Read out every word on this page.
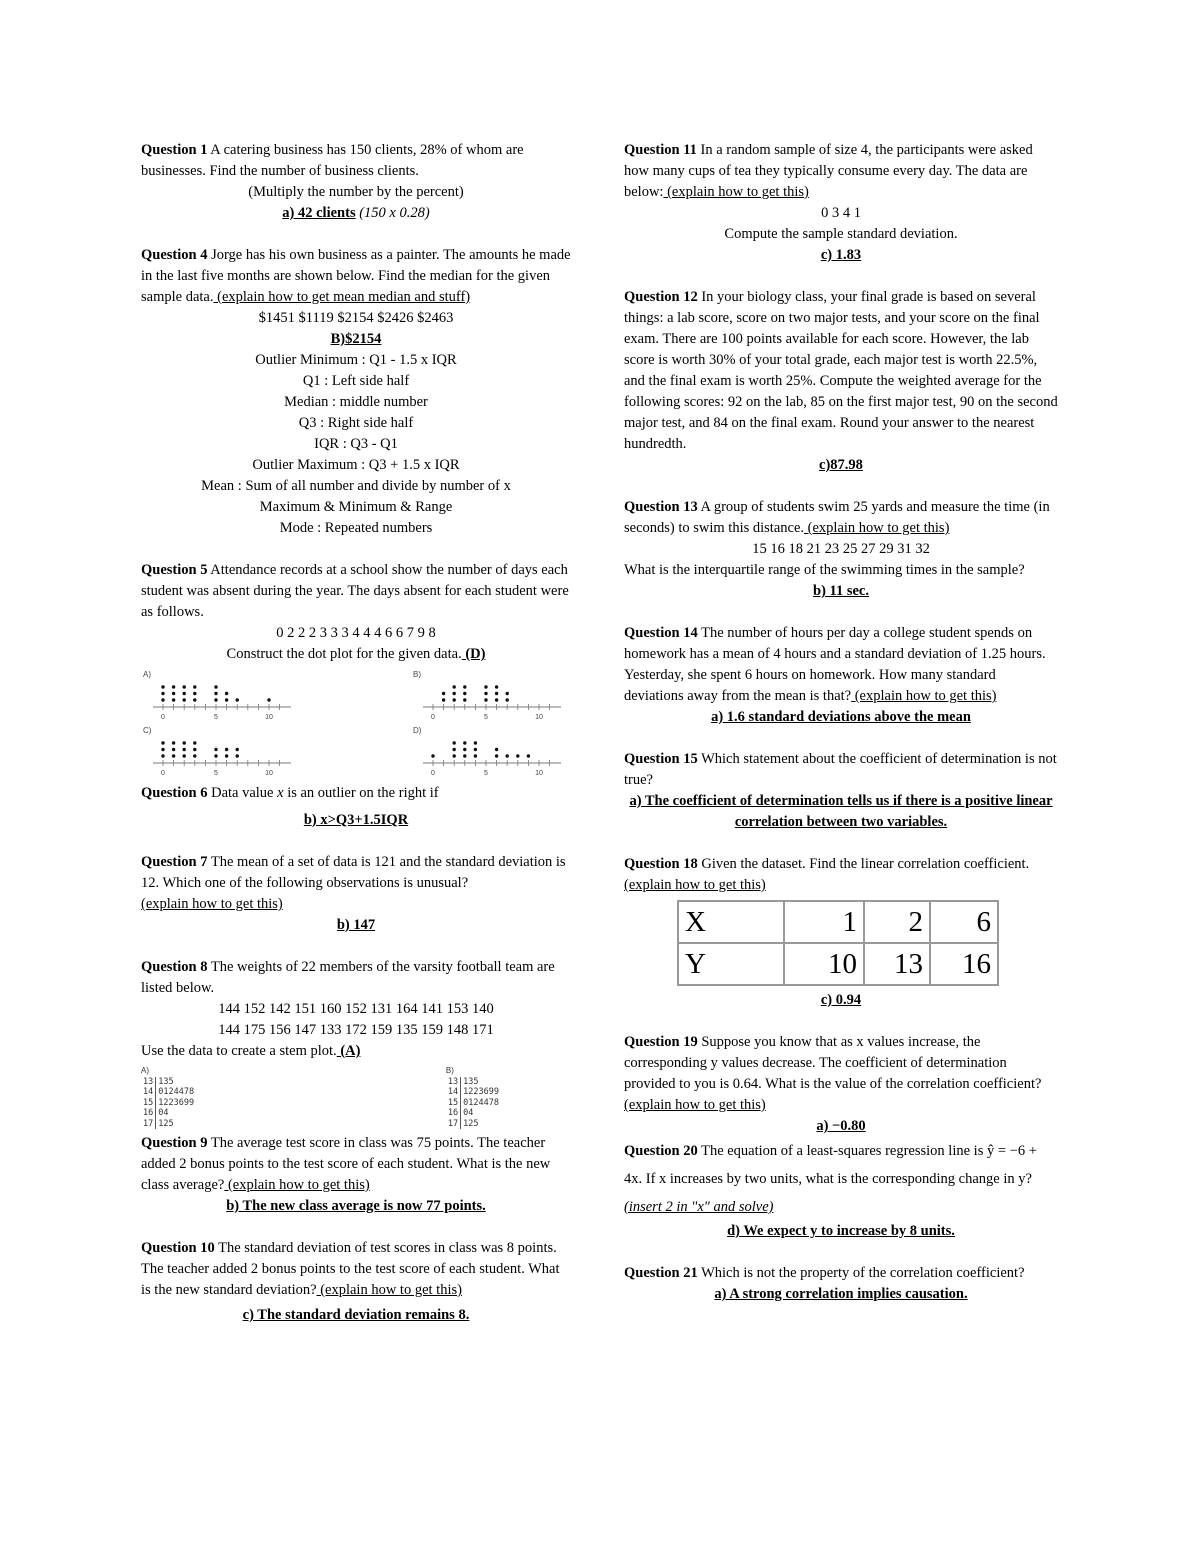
Question 1 A catering business has 150 clients, 28% of whom are businesses. Find the number of business clients.

(Multiply the number by the percent)

a) 42 clients (150 x 0.28)

Question 4 Jorge has his own business as a painter. The amounts he made in the last five months are shown below. Find the median for the given sample data. (explain how to get mean median and stuff)

$1451 $1119 $2154 $2426 $2463

B)$2154

Outlier Minimum : Q1 - 1.5 x IQR

Q1 : Left side half

Median : middle number

Q3 : Right side half

IQR : Q3 - Q1

Outlier Maximum : Q3 + 1.5 x IQR

Mean : Sum of all number and divide by number of x

Maximum & Minimum & Range

Mode : Repeated numbers

Question 5 Attendance records at a school show the number of days each student was absent during the year. The days absent for each student were as follows.

0 2 2 2 3 3 3 4 4 4 6 6 7 9 8

Construct the dot plot for the given data. (D)

A)
0	5	10
B)
0	5	10
C)
0	5	10
D)
0	5	10

Question 6 Data value x is an outlier on the right if

b) x>Q3+1.5IQR

Question 7 The mean of a set of data is 121 and the standard deviation is 12. Which one of the following observations is unusual?

(explain how to get this)

b) 147

Question 8 The weights of 22 members of the varsity football team are listed below.

144 152 142 151 160 152 131 164 141 153 140

144 175 156 147 133 172 159 135 159 148 171

Use the data to create a stem plot. (A)

A)
13	135
14	0124478
15	1223699
16	04
17	125
B)
13	135
14	1223699
15	0124478
16	04
17	125

Question 9 The average test score in class was 75 points. The teacher added 2 bonus points to the test score of each student. What is the new class average? (explain how to get this)

b) The new class average is now 77 points.

Question 10 The standard deviation of test scores in class was 8 points. The teacher added 2 bonus points to the test score of each student. What is the new standard deviation? (explain how to get this)

c) The standard deviation remains 8.

Question 11 In a random sample of size 4, the participants were asked how many cups of tea they typically consume every day. The data are below: (explain how to get this)

0 3 4 1

Compute the sample standard deviation.

c) 1.83

Question 12 In your biology class, your final grade is based on several things: a lab score, score on two major tests, and your score on the final exam. There are 100 points available for each score. However, the lab score is worth 30% of your total grade, each major test is worth 22.5%, and the final exam is worth 25%. Compute the weighted average for the following scores: 92 on the lab, 85 on the first major test, 90 on the second major test, and 84 on the final exam. Round your answer to the nearest hundredth.

c)87.98

Question 13 A group of students swim 25 yards and measure the time (in seconds) to swim this distance. (explain how to get this)

15 16 18 21 23 25 27 29 31 32

What is the interquartile range of the swimming times in the sample?

b) 11 sec.

Question 14 The number of hours per day a college student spends on homework has a mean of 4 hours and a standard deviation of 1.25 hours. Yesterday, she spent 6 hours on homework. How many standard deviations away from the mean is that? (explain how to get this)

a) 1.6 standard deviations above the mean

Question 15 Which statement about the coefficient of determination is not true?

a) The coefficient of determination tells us if there is a positive linear correlation between two variables.

Question 18 Given the dataset. Find the linear correlation coefficient. (explain how to get this)

X	1	2	6
Y	10	13	16

c) 0.94

Question 19 Suppose you know that as x values increase, the corresponding y values decrease. The coefficient of determination provided to you is 0.64. What is the value of the correlation coefficient? (explain how to get this)

a) −0.80

Question 20 The equation of a least-squares regression line is ŷ = −6 + 4x. If x increases by two units, what is the corresponding change in y? (insert 2 in "x" and solve)

d) We expect y to increase by 8 units.

Question 21 Which is not the property of the correlation coefficient?

a) A strong correlation implies causation.
